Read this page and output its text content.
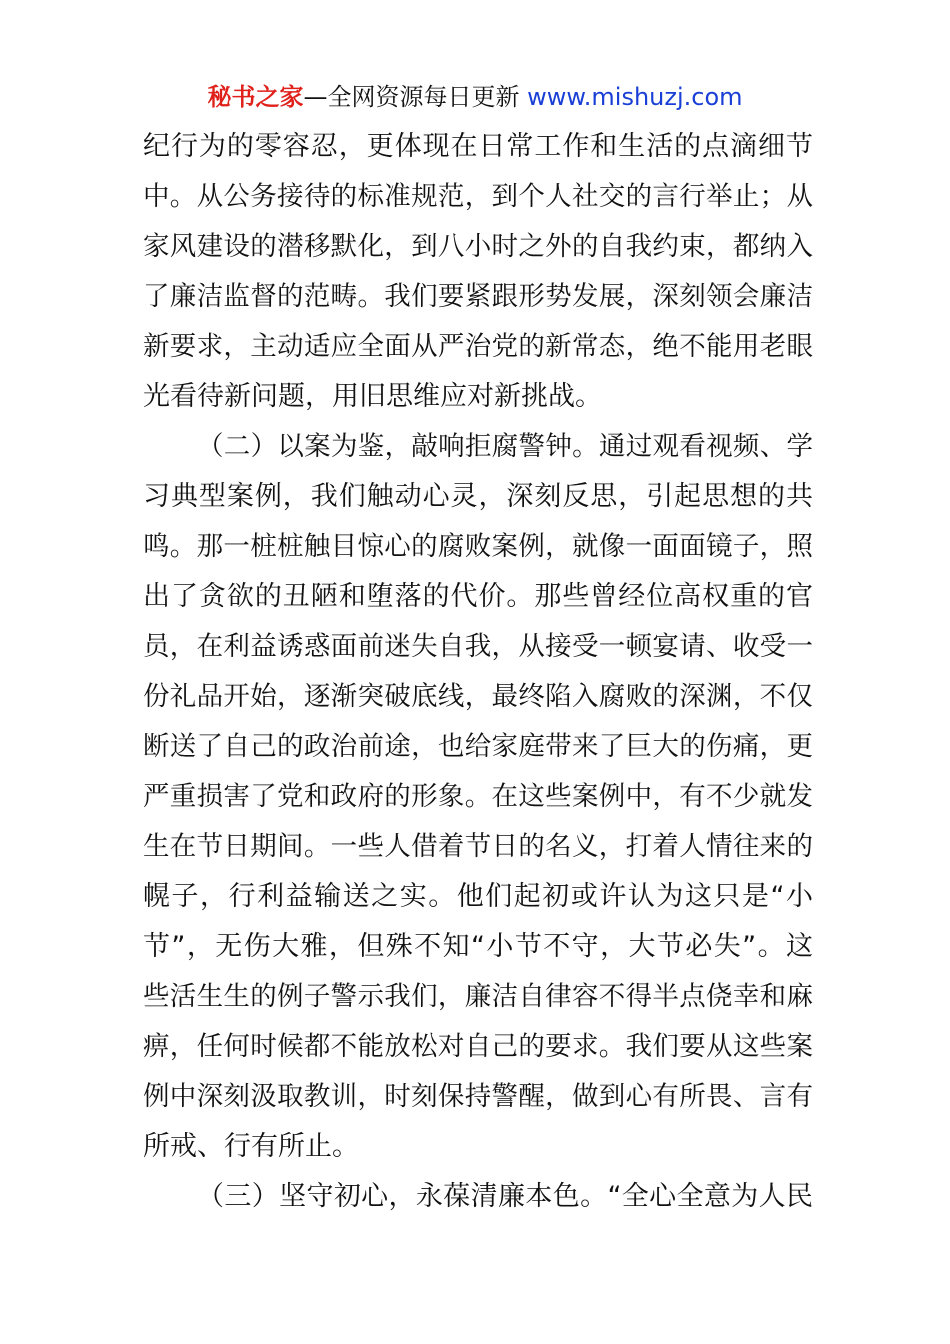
秘书之家—全网资源每日更新 www.mishuzj.com
纪行为的零容忍，更体现在日常工作和生活的点滴细节
中。从公务接待的标准规范，到个人社交的言行举止；从
家风建设的潜移默化，到八小时之外的自我约束，都纳入
了廉洁监督的范畴。我们要紧跟形势发展，深刻领会廉洁
新要求，主动适应全面从严治党的新常态，绝不能用老眼
光看待新问题，用旧思维应对新挑战。
（二）以案为鉴，敲响拒腐警钟。通过观看视频、学
习典型案例，我们触动心灵，深刻反思，引起思想的共
鸣。那一桩桩触目惊心的腐败案例，就像一面面镜子，照
出了贪欲的丑陋和堕落的代价。那些曾经位高权重的官
员，在利益诱惑面前迷失自我，从接受一顿宴请、收受一
份礼品开始，逐渐突破底线，最终陷入腐败的深渊，不仅
断送了自己的政治前途，也给家庭带来了巨大的伤痛，更
严重损害了党和政府的形象。在这些案例中，有不少就发
生在节日期间。一些人借着节日的名义，打着人情往来的
幌子，行利益输送之实。他们起初或许认为这只是“小
节”，无伤大雅，但殊不知“小节不守，大节必失”。这
些活生生的例子警示我们，廉洁自律容不得半点侥幸和麻
痹，任何时候都不能放松对自己的要求。我们要从这些案
例中深刻汲取教训，时刻保持警醒，做到心有所畏、言有
所戒、行有所止。
（三）坚守初心，永葆清廉本色。“全心全意为人民
